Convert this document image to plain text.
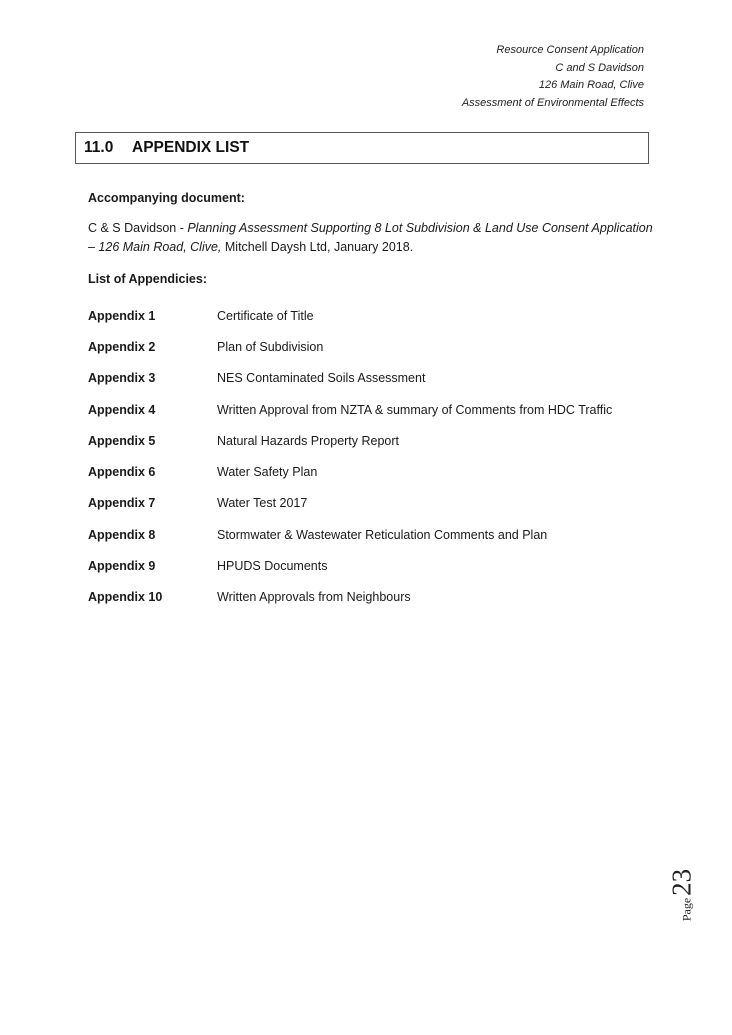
Resource Consent Application
C and S Davidson
126 Main Road, Clive
Assessment of Environmental Effects
11.0	APPENDIX LIST

Accompanying document:

C & S Davidson - Planning Assessment Supporting 8 Lot Subdivision & Land Use Consent Application – 126 Main Road, Clive, Mitchell Daysh Ltd, January 2018.

List of Appendicies:
Appendix 1	Certificate of Title
Appendix 2	Plan of Subdivision
Appendix 3	NES Contaminated Soils Assessment
Appendix 4	Written Approval from NZTA & summary of Comments from HDC Traffic
Appendix 5	Natural Hazards Property Report
Appendix 6	Water Safety Plan
Appendix 7	Water Test 2017
Appendix 8	Stormwater & Wastewater Reticulation Comments and Plan
Appendix 9	HPUDS Documents
Appendix 10	Written Approvals from Neighbours
Page23
